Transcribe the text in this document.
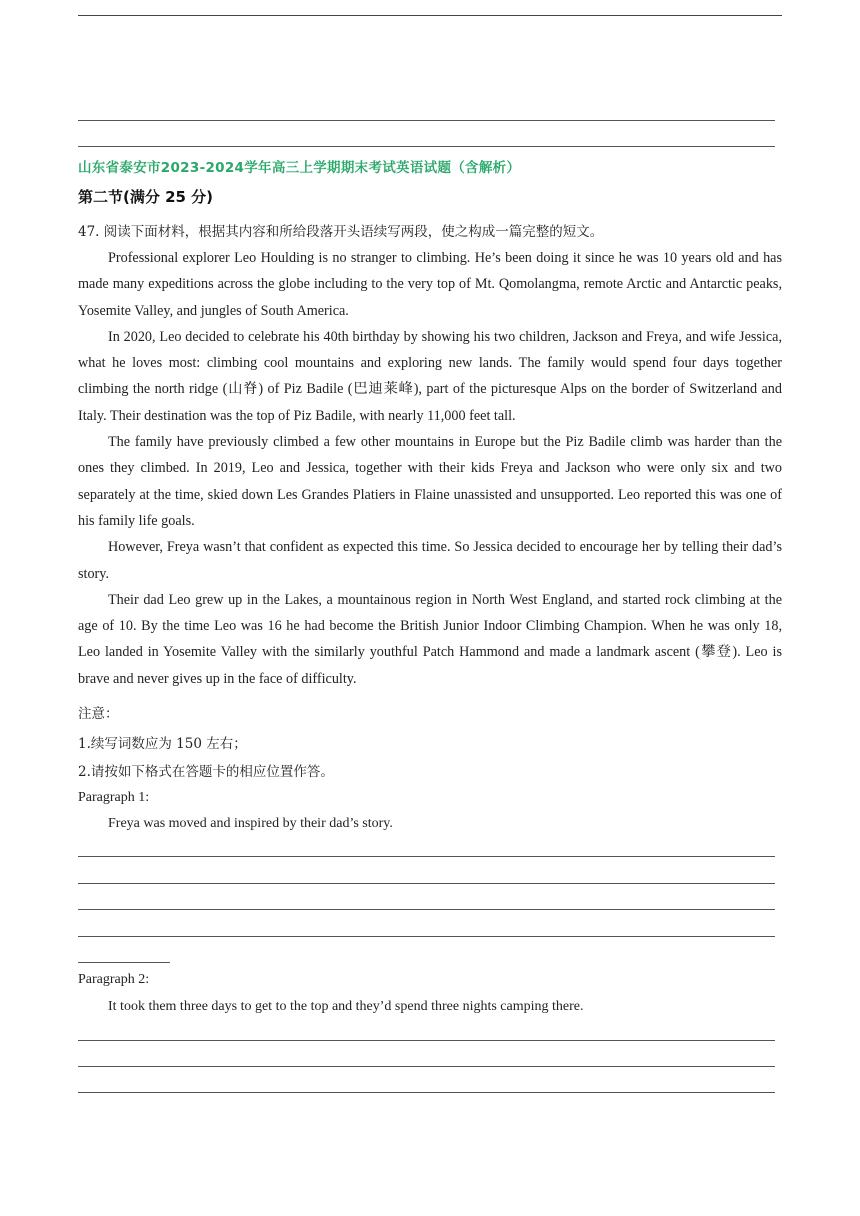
山东省泰安市2023-2024学年高三上学期期末考试英语试题（含解析）
第二节(满分 25 分)

47. 阅读下面材料，根据其内容和所给段落开头语续写两段，使之构成一篇完整的短文。

Professional explorer Leo Houlding is no stranger to climbing. He’s been doing it since he was 10 years old and has made many expeditions across the globe including to the very top of Mt. Qomolangma, remote Arctic and Antarctic peaks, Yosemite Valley, and jungles of South America.

In 2020, Leo decided to celebrate his 40th birthday by showing his two children, Jackson and Freya, and wife Jessica, what he loves most: climbing cool mountains and exploring new lands. The family would spend four days together climbing the north ridge (山脊) of Piz Badile (巴迪莱峰), part of the picturesque Alps on the border of Switzerland and Italy. Their destination was the top of Piz Badile, with nearly 11,000 feet tall.

The family have previously climbed a few other mountains in Europe but the Piz Badile climb was harder than the ones they climbed. In 2019, Leo and Jessica, together with their kids Freya and Jackson who were only six and two separately at the time, skied down Les Grandes Platiers in Flaine unassisted and unsupported. Leo reported this was one of his family life goals.

However, Freya wasn’t that confident as expected this time. So Jessica decided to encourage her by telling their dad’s story.

Their dad Leo grew up in the Lakes, a mountainous region in North West England, and started rock climbing at the age of 10. By the time Leo was 16 he had become the British Junior Indoor Climbing Champion. When he was only 18, Leo landed in Yosemite Valley with the similarly youthful Patch Hammond and made a landmark ascent (攀登). Leo is brave and never gives up in the face of difficulty.

注意：

1.续写词数应为 150 左右；

2.请按如下格式在答题卡的相应位置作答。

Paragraph 1:

Freya was moved and inspired by their dad’s story.

Paragraph 2:

It took them three days to get to the top and they’d spend three nights camping there.
